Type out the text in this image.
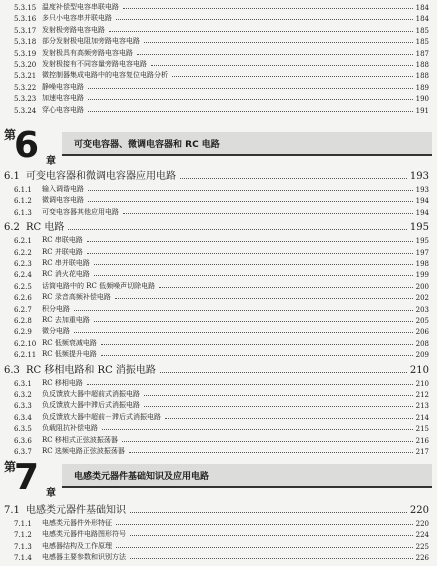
5.3.15 温度补偿型电容串联电路	184
5.3.16 多只小电容串并联电路	184
5.3.17 发射极旁路电容电路	185
5.3.18 部分发射极电阻加旁路电容电路	185
5.3.19 发射极具有高频旁路电容电路	187
5.3.20 发射极接有不同容量旁路电容电路	188
5.3.21 微控制器集成电路中的电容复位电路分析	188
5.3.22 静噪电容电路	189
5.3.23 加速电容电路	190
5.3.24 穿心电容电路	191
第
6 章
可变电容器、微调电容器和 RC 电路
6.1 可变电容器和微调电容器应用电路	193
6.1.1	输入调谐电路	193
6.1.2	微调电容电路	194
6.1.3	可变电容器其他应用电路	194
6.2 RC 电路	195
6.2.1	RC 串联电路	195
6.2.2	RC 并联电路	197
6.2.3	RC 串并联电路	198
6.2.4	RC 消火花电路	199
6.2.5	话筒电路中的 RC 低频噪声切除电路	200
6.2.6	RC 录音高频补偿电路	202
6.2.7	积分电路	203
6.2.8	RC 去加重电路	205
6.2.9	微分电路	206
6.2.10 RC 低频衰减电路	208
6.2.11 RC 低频提升电路	209
6.3 RC 移相电路和 RC 消振电路	210
6.3.1	RC 移相电路	210
6.3.2	负反馈放大器中超前式消振电路	212
6.3.3	负反馈放大器中滞后式消振电路	213
6.3.4	负反馈放大器中超前－滞后式消振电路	214
6.3.5	负载阻抗补偿电路	215
6.3.6	RC 移相式正弦波振荡器	216
6.3.7	RC 选频电路正弦波振荡器	217
第
7 章
电感类元器件基础知识及应用电路
7.1 电感类元器件基础知识	220
7.1.1	电感类元器件外形特征	220
7.1.2	电感类元器件电路图形符号	224
7.1.3	电感器结构及工作原理	225
7.1.4	电感器主要参数和识别方法	226
